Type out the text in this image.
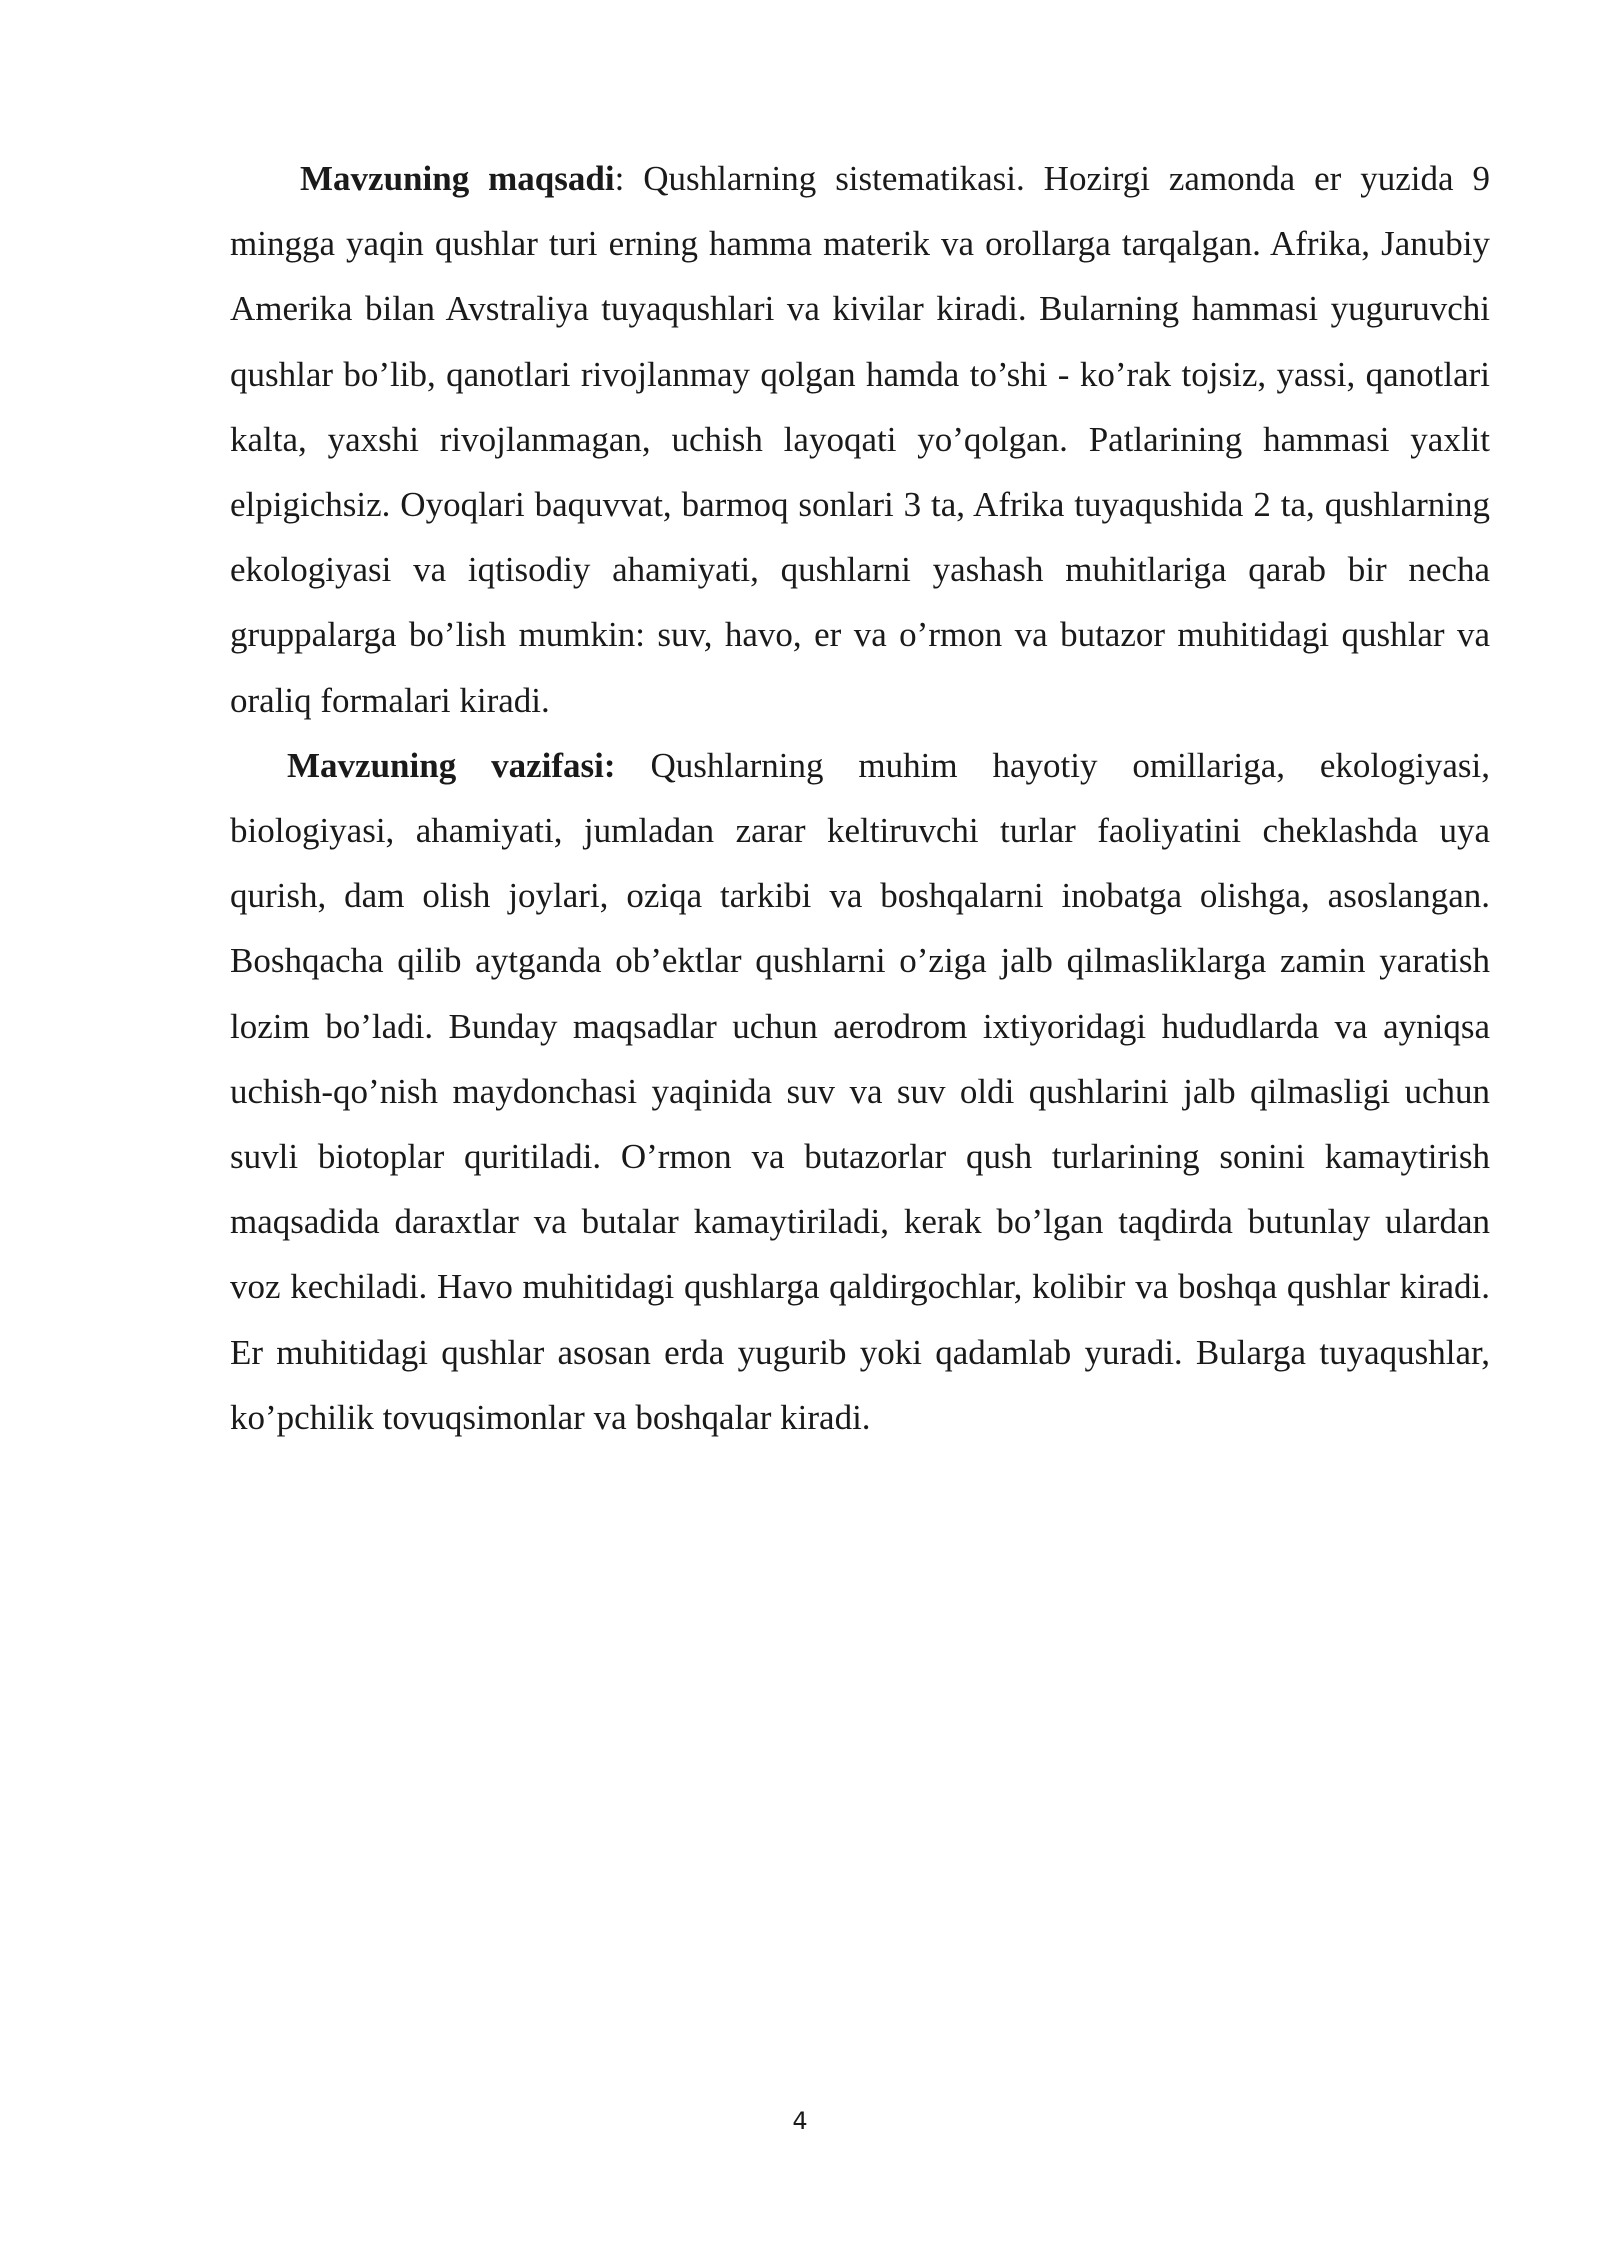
Mavzuning maqsadi: Qushlarning sistematikasi. Hozirgi zamonda er yuzida 9 mingga yaqin qushlar turi erning hamma materik va orollarga tarqalgan. Afrika, Janubiy Amerika bilan Avstraliya tuyaqushlari va kivilar kiradi. Bularning hammasi yuguruvchi qushlar bo’lib, qanotlari rivojlanmay qolgan hamda to’shi - ko’rak tojsiz, yassi, qanotlari kalta, yaxshi rivojlanmagan, uchish layoqati yo’qolgan. Patlarining hammasi yaxlit elpigichsiz. Oyoqlari baquvvat, barmoq sonlari 3 ta, Afrika tuyaqushida 2 ta, qushlarning ekologiyasi va iqtisodiy ahamiyati, qushlarni yashash muhitlariga qarab bir necha gruppalarga bo’lish mumkin: suv, havo, er va o’rmon va butazor muhitidagi qushlar va oraliq formalari kiradi.

Mavzuning vazifasi: Qushlarning muhim hayotiy omillariga, ekologiyasi, biologiyasi, ahamiyati, jumladan zarar keltiruvchi turlar faoliyatini cheklashda uya qurish, dam olish joylari, oziqa tarkibi va boshqalarni inobatga olishga, asoslangan. Boshqacha qilib aytganda ob’ektlar qushlarni o’ziga jalb qilmasliklarga zamin yaratish lozim bo’ladi. Bunday maqsadlar uchun aerodrom ixtiyoridagi hududlarda va ayniqsa uchish-qo’nish maydonchasi yaqinida suv va suv oldi qushlarini jalb qilmasligi uchun suvli biotoplar quritiladi. O’rmon va butazorlar qush turlarining sonini kamaytirish maqsadida daraxtlar va butalar kamaytiriladi, kerak bo’lgan taqdirda butunlay ulardan voz kechiladi. Havo muhitidagi qushlarga qaldirgochlar, kolibir va boshqa qushlar kiradi. Er muhitidagi qushlar asosan erda yugurib yoki qadamlab yuradi. Bularga tuyaqushlar, ko’pchilik tovuqsimonlar va boshqalar kiradi.

4
